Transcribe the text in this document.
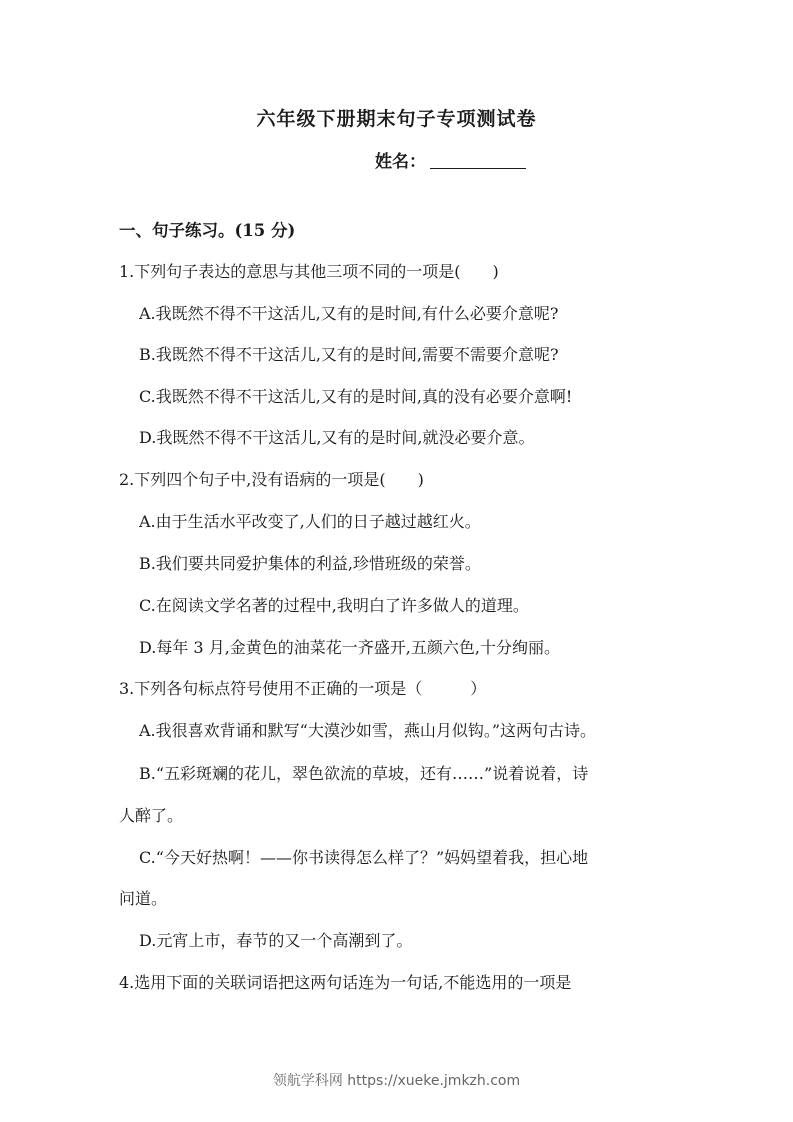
六年级下册期末句子专项测试卷
姓名：
一、句子练习。(15 分)
1.下列句子表达的意思与其他三项不同的一项是(　　)
A.我既然不得不干这活儿,又有的是时间,有什么必要介意呢?
B.我既然不得不干这活儿,又有的是时间,需要不需要介意呢?
C.我既然不得不干这活儿,又有的是时间,真的没有必要介意啊!
D.我既然不得不干这活儿,又有的是时间,就没必要介意。
2.下列四个句子中,没有语病的一项是(　　)
A.由于生活水平改变了,人们的日子越过越红火。
B.我们要共同爱护集体的利益,珍惜班级的荣誉。
C.在阅读文学名著的过程中,我明白了许多做人的道理。
D.每年 3 月,金黄色的油菜花一齐盛开,五颜六色,十分绚丽。
3.下列各句标点符号使用不正确的一项是（　　　）
A.我很喜欢背诵和默写“大漠沙如雪，燕山月似钩。”这两句古诗。
B.“五彩斑斓的花儿，翠色欲流的草坡，还有……”说着说着，诗
人醉了。
C.“今天好热啊！——你书读得怎么样了？”妈妈望着我，担心地
问道。
D.元宵上市，春节的又一个高潮到了。
4.选用下面的关联词语把这两句话连为一句话,不能选用的一项是
领航学科网 https://xueke.jmkzh.com
